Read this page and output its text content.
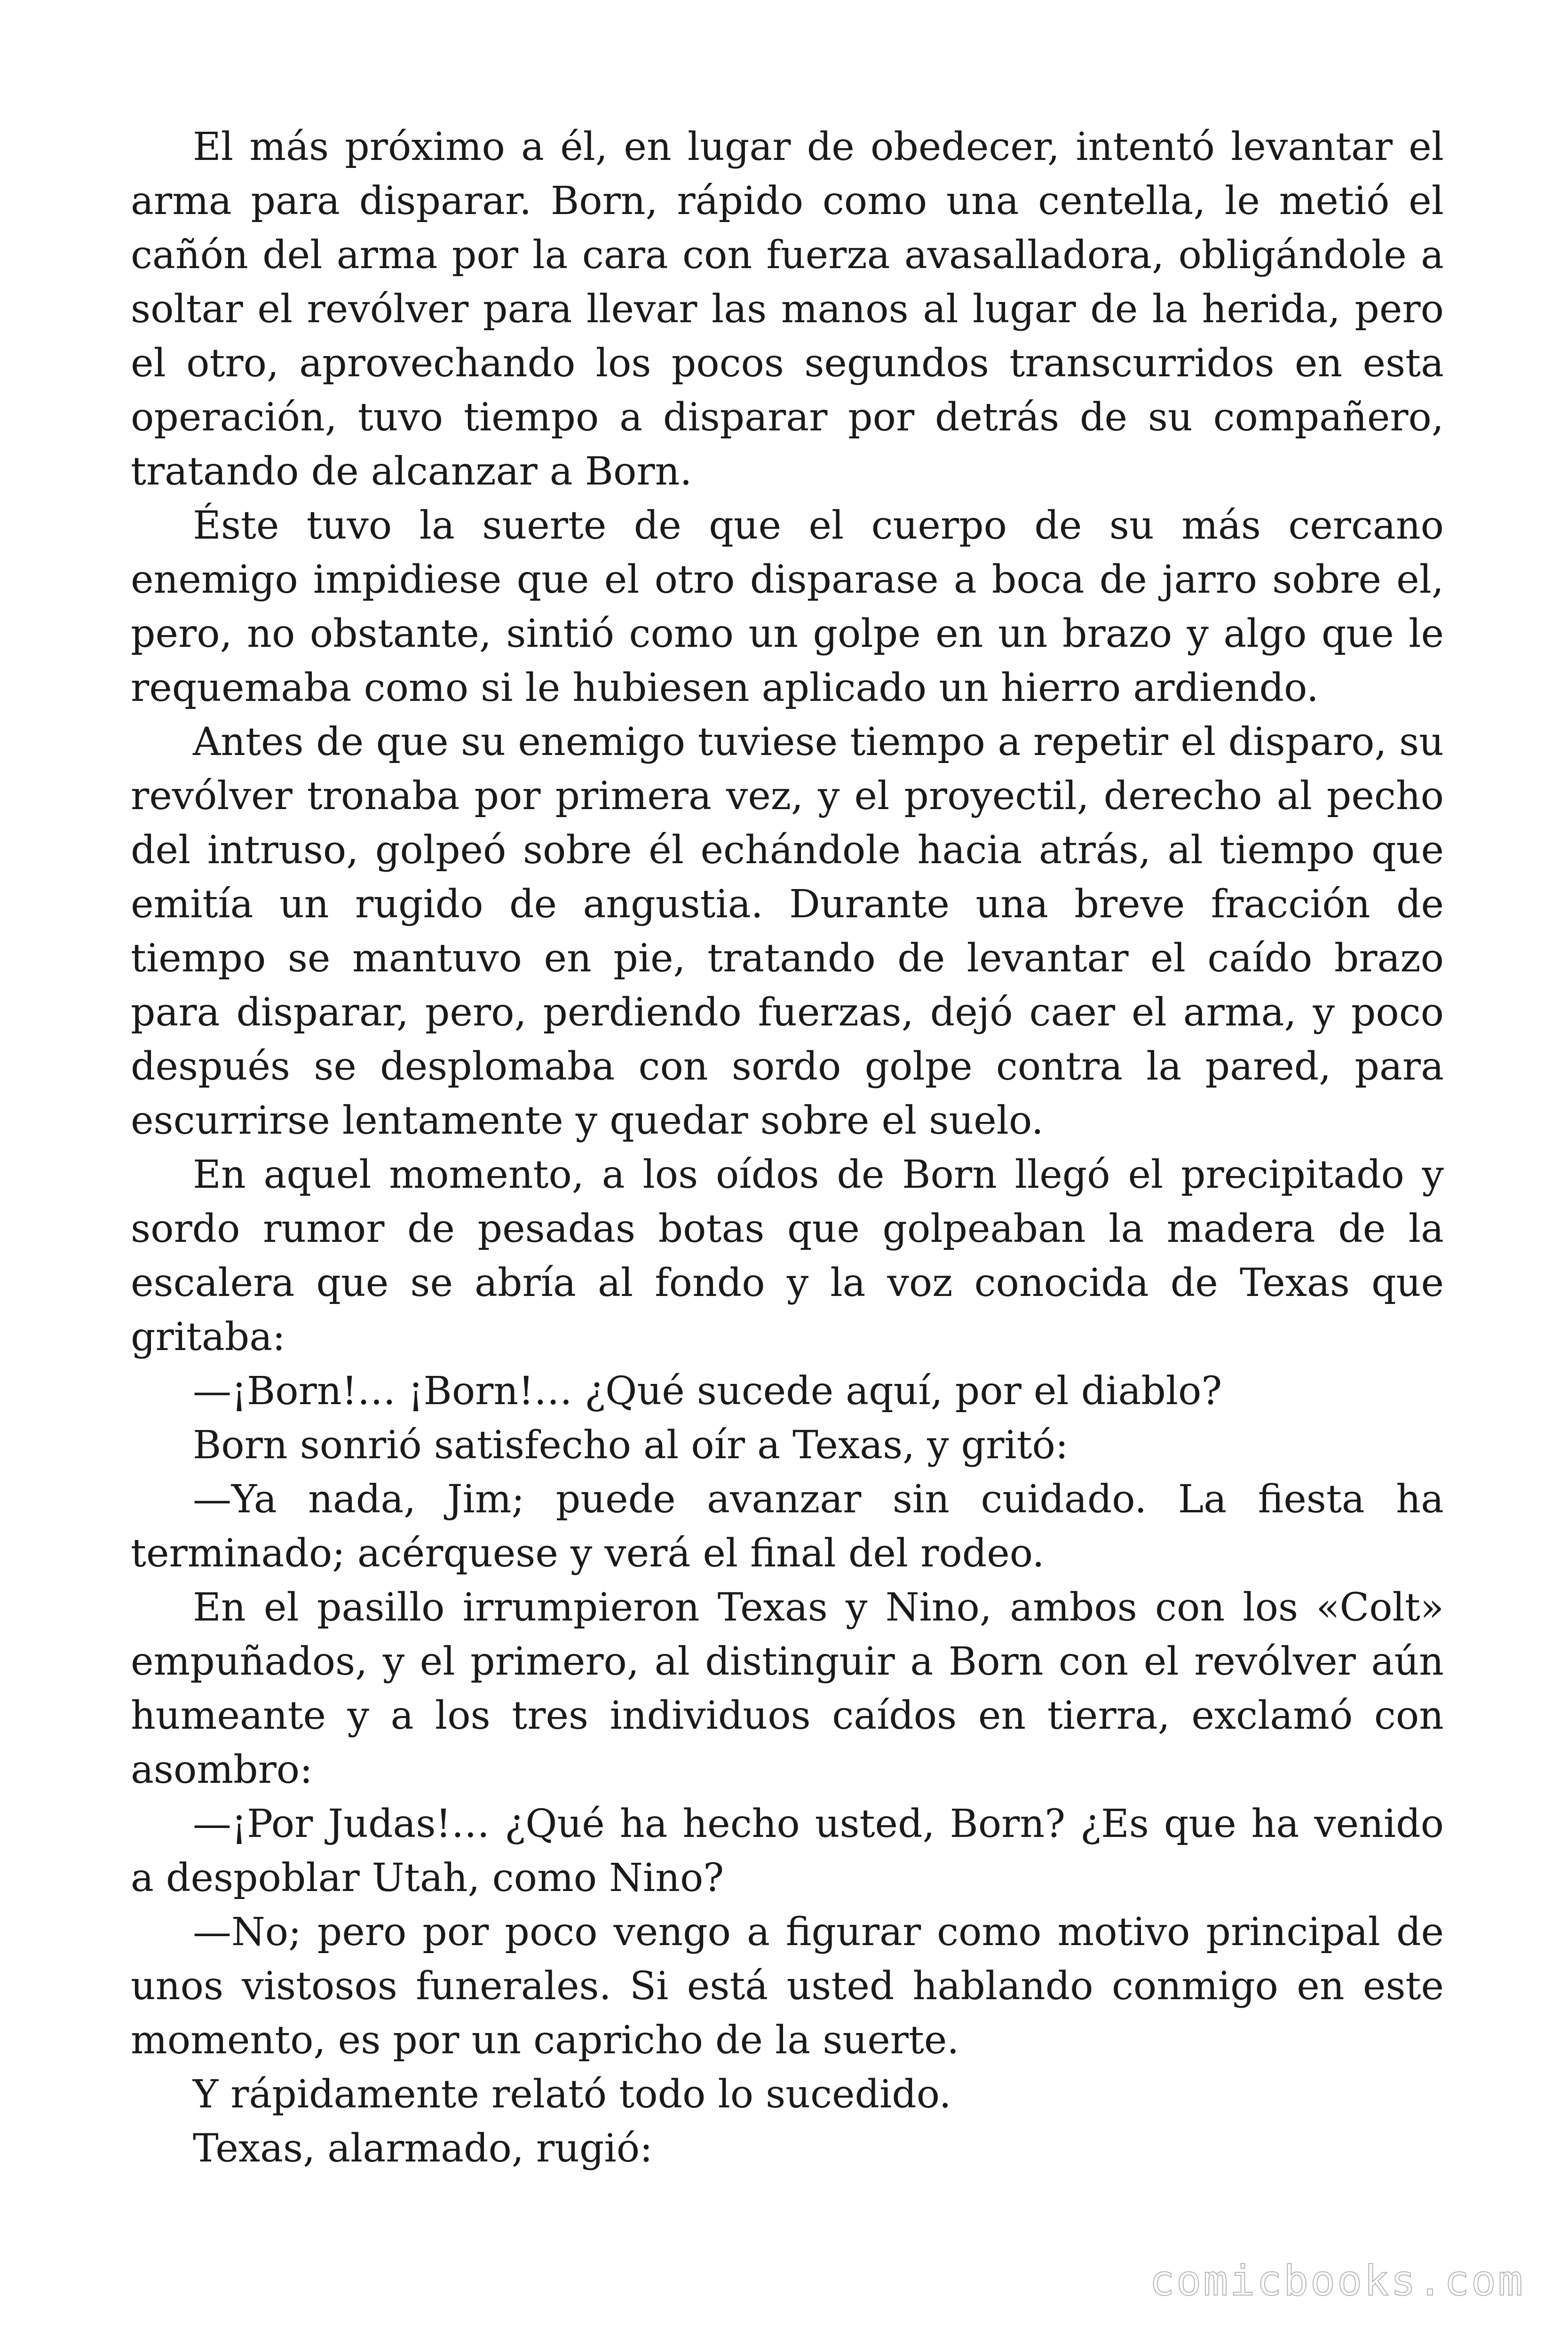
El más próximo a él, en lugar de obedecer, intentó levantar el arma para disparar. Born, rápido como una centella, le metió el cañón del arma por la cara con fuerza avasalladora, obligándole a soltar el revólver para llevar las manos al lugar de la herida, pero el otro, aprovechando los pocos segundos transcurridos en esta operación, tuvo tiempo a disparar por detrás de su compañero, tratando de alcanzar a Born.

Éste tuvo la suerte de que el cuerpo de su más cercano enemigo impidiese que el otro disparase a boca de jarro sobre el, pero, no obstante, sintió como un golpe en un brazo y algo que le requemaba como si le hubiesen aplicado un hierro ardiendo.

Antes de que su enemigo tuviese tiempo a repetir el disparo, su revólver tronaba por primera vez, y el proyectil, derecho al pecho del intruso, golpeó sobre él echándole hacia atrás, al tiempo que emitía un rugido de angustia. Durante una breve fracción de tiempo se mantuvo en pie, tratando de levantar el caído brazo para disparar, pero, perdiendo fuerzas, dejó caer el arma, y poco después se desplomaba con sordo golpe contra la pared, para escurrirse lentamente y quedar sobre el suelo.

En aquel momento, a los oídos de Born llegó el precipitado y sordo rumor de pesadas botas que golpeaban la madera de la escalera que se abría al fondo y la voz conocida de Texas que gritaba:

—¡Born!… ¡Born!… ¿Qué sucede aquí, por el diablo?

Born sonrió satisfecho al oír a Texas, y gritó:

—Ya nada, Jim; puede avanzar sin cuidado. La fiesta ha terminado; acérquese y verá el final del rodeo.

En el pasillo irrumpieron Texas y Nino, ambos con los «Colt» empuñados, y el primero, al distinguir a Born con el revólver aún humeante y a los tres individuos caídos en tierra, exclamó con asombro:

—¡Por Judas!… ¿Qué ha hecho usted, Born? ¿Es que ha venido a despoblar Utah, como Nino?

—No; pero por poco vengo a figurar como motivo principal de unos vistosos funerales. Si está usted hablando conmigo en este momento, es por un capricho de la suerte.

Y rápidamente relató todo lo sucedido.

Texas, alarmado, rugió:

comicbooks.com
